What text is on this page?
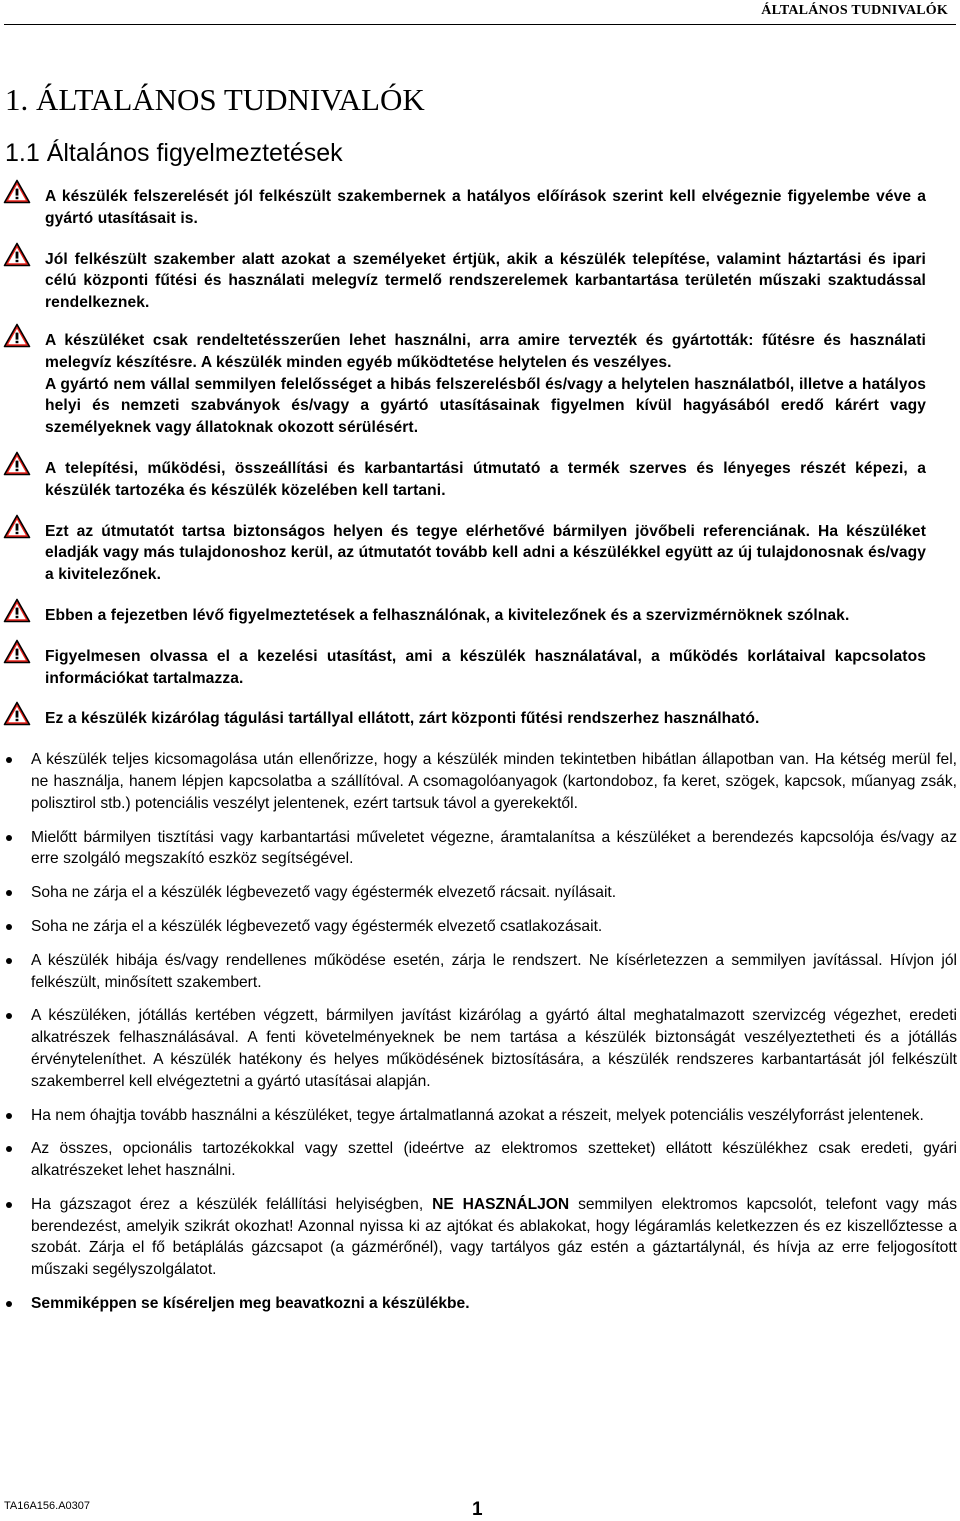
ÁLTALÁNOS TUDNIVALÓK
1. ÁLTALÁNOS TUDNIVALÓK
1.1 Általános figyelmeztetések

A készülék felszerelését jól felkészült szakembernek a hatályos előírások szerint kell elvégeznie figyelembe véve a gyártó utasításait is.

Jól felkészült szakember alatt azokat a személyeket értjük, akik a készülék telepítése, valamint háztartási és ipari célú központi fűtési és használati melegvíz termelő rendszerelemek karbantartása területén műszaki szaktudással rendelkeznek.

A készüléket csak rendeltetésszerűen lehet használni, arra amire tervezték és gyártották: fűtésre és használati melegvíz készítésre. A készülék minden egyéb működtetése helytelen és veszélyes.

A gyártó nem vállal semmilyen felelősséget a hibás felszerelésből és/vagy a helytelen használatból, illetve a hatályos helyi és nemzeti szabványok és/vagy a gyártó utasításainak figyelmen kívül hagyásából eredő kárért vagy személyeknek vagy állatoknak okozott sérülésért.

A telepítési, működési, összeállítási és karbantartási útmutató a termék szerves és lényeges részét képezi, a készülék tartozéka és készülék közelében kell tartani.

Ezt az útmutatót tartsa biztonságos helyen és tegye elérhetővé bármilyen jövőbeli referenciának. Ha készüléket eladják vagy más tulajdonoshoz kerül, az útmutatót tovább kell adni a készülékkel együtt az új tulajdonosnak és/vagy a kivitelezőnek.

Ebben a fejezetben lévő figyelmeztetések a felhasználónak, a kivitelezőnek és a szervizmérnöknek szólnak.

Figyelmesen olvassa el a kezelési utasítást, ami a készülék használatával, a működés korlátaival kapcsolatos információkat tartalmazza.

Ez a készülék kizárólag tágulási tartállyal ellátott, zárt központi fűtési rendszerhez használható.

A készülék teljes kicsomagolása után ellenőrizze, hogy a készülék minden tekintetben hibátlan állapotban van. Ha kétség merül fel, ne használja, hanem lépjen kapcsolatba a szállítóval. A csomagolóanyagok (kartondoboz, fa keret, szögek, kapcsok, műanyag zsák, polisztirol stb.) potenciális veszélyt jelentenek, ezért tartsuk távol a gyerekektől.

Mielőtt bármilyen tisztítási vagy karbantartási műveletet végezne, áramtalanítsa a készüléket a berendezés kapcsolója és/vagy az erre szolgáló megszakító eszköz segítségével.

Soha ne zárja el a készülék légbevezető vagy égéstermék elvezető rácsait. nyílásait.

Soha ne zárja el a készülék légbevezető vagy égéstermék elvezető csatlakozásait.

A készülék hibája és/vagy rendellenes működése esetén, zárja le rendszert. Ne kísérletezzen a semmilyen javítással. Hívjon jól felkészült, minősített szakembert.

A készüléken, jótállás kertében végzett, bármilyen javítást kizárólag a gyártó által meghatalmazott szervizcég végezhet, eredeti alkatrészek felhasználásával. A fenti követelményeknek be nem tartása a készülék biztonságát veszélyeztetheti és a jótállás érvényteleníthet. A készülék hatékony és helyes működésének biztosítására, a készülék rendszeres karbantartását jól felkészült szakemberrel kell elvégeztetni a gyártó utasításai alapján.

Ha nem óhajtja tovább használni a készüléket, tegye ártalmatlanná azokat a részeit, melyek potenciális veszélyforrást jelentenek.

Az összes, opcionális tartozékokkal vagy szettel (ideértve az elektromos szetteket) ellátott készülékhez csak eredeti, gyári alkatrészeket lehet használni.

Ha gázszagot érez a készülék felállítási helyiségben, NE HASZNÁLJON semmilyen elektromos kapcsolót, telefont vagy más berendezést, amelyik szikrát okozhat! Azonnal nyissa ki az ajtókat és ablakokat, hogy légáramlás keletkezzen és ez kiszellőztesse a szobát. Zárja el fő betáplálás gázcsapot (a gázmérőnél), vagy tartályos gáz estén a gáztartálynál, és hívja az erre feljogosított műszaki segélyszolgálatot.

Semmiképpen se kíséreljen meg beavatkozni a készülékbe.

TA16A156.A0307	1
